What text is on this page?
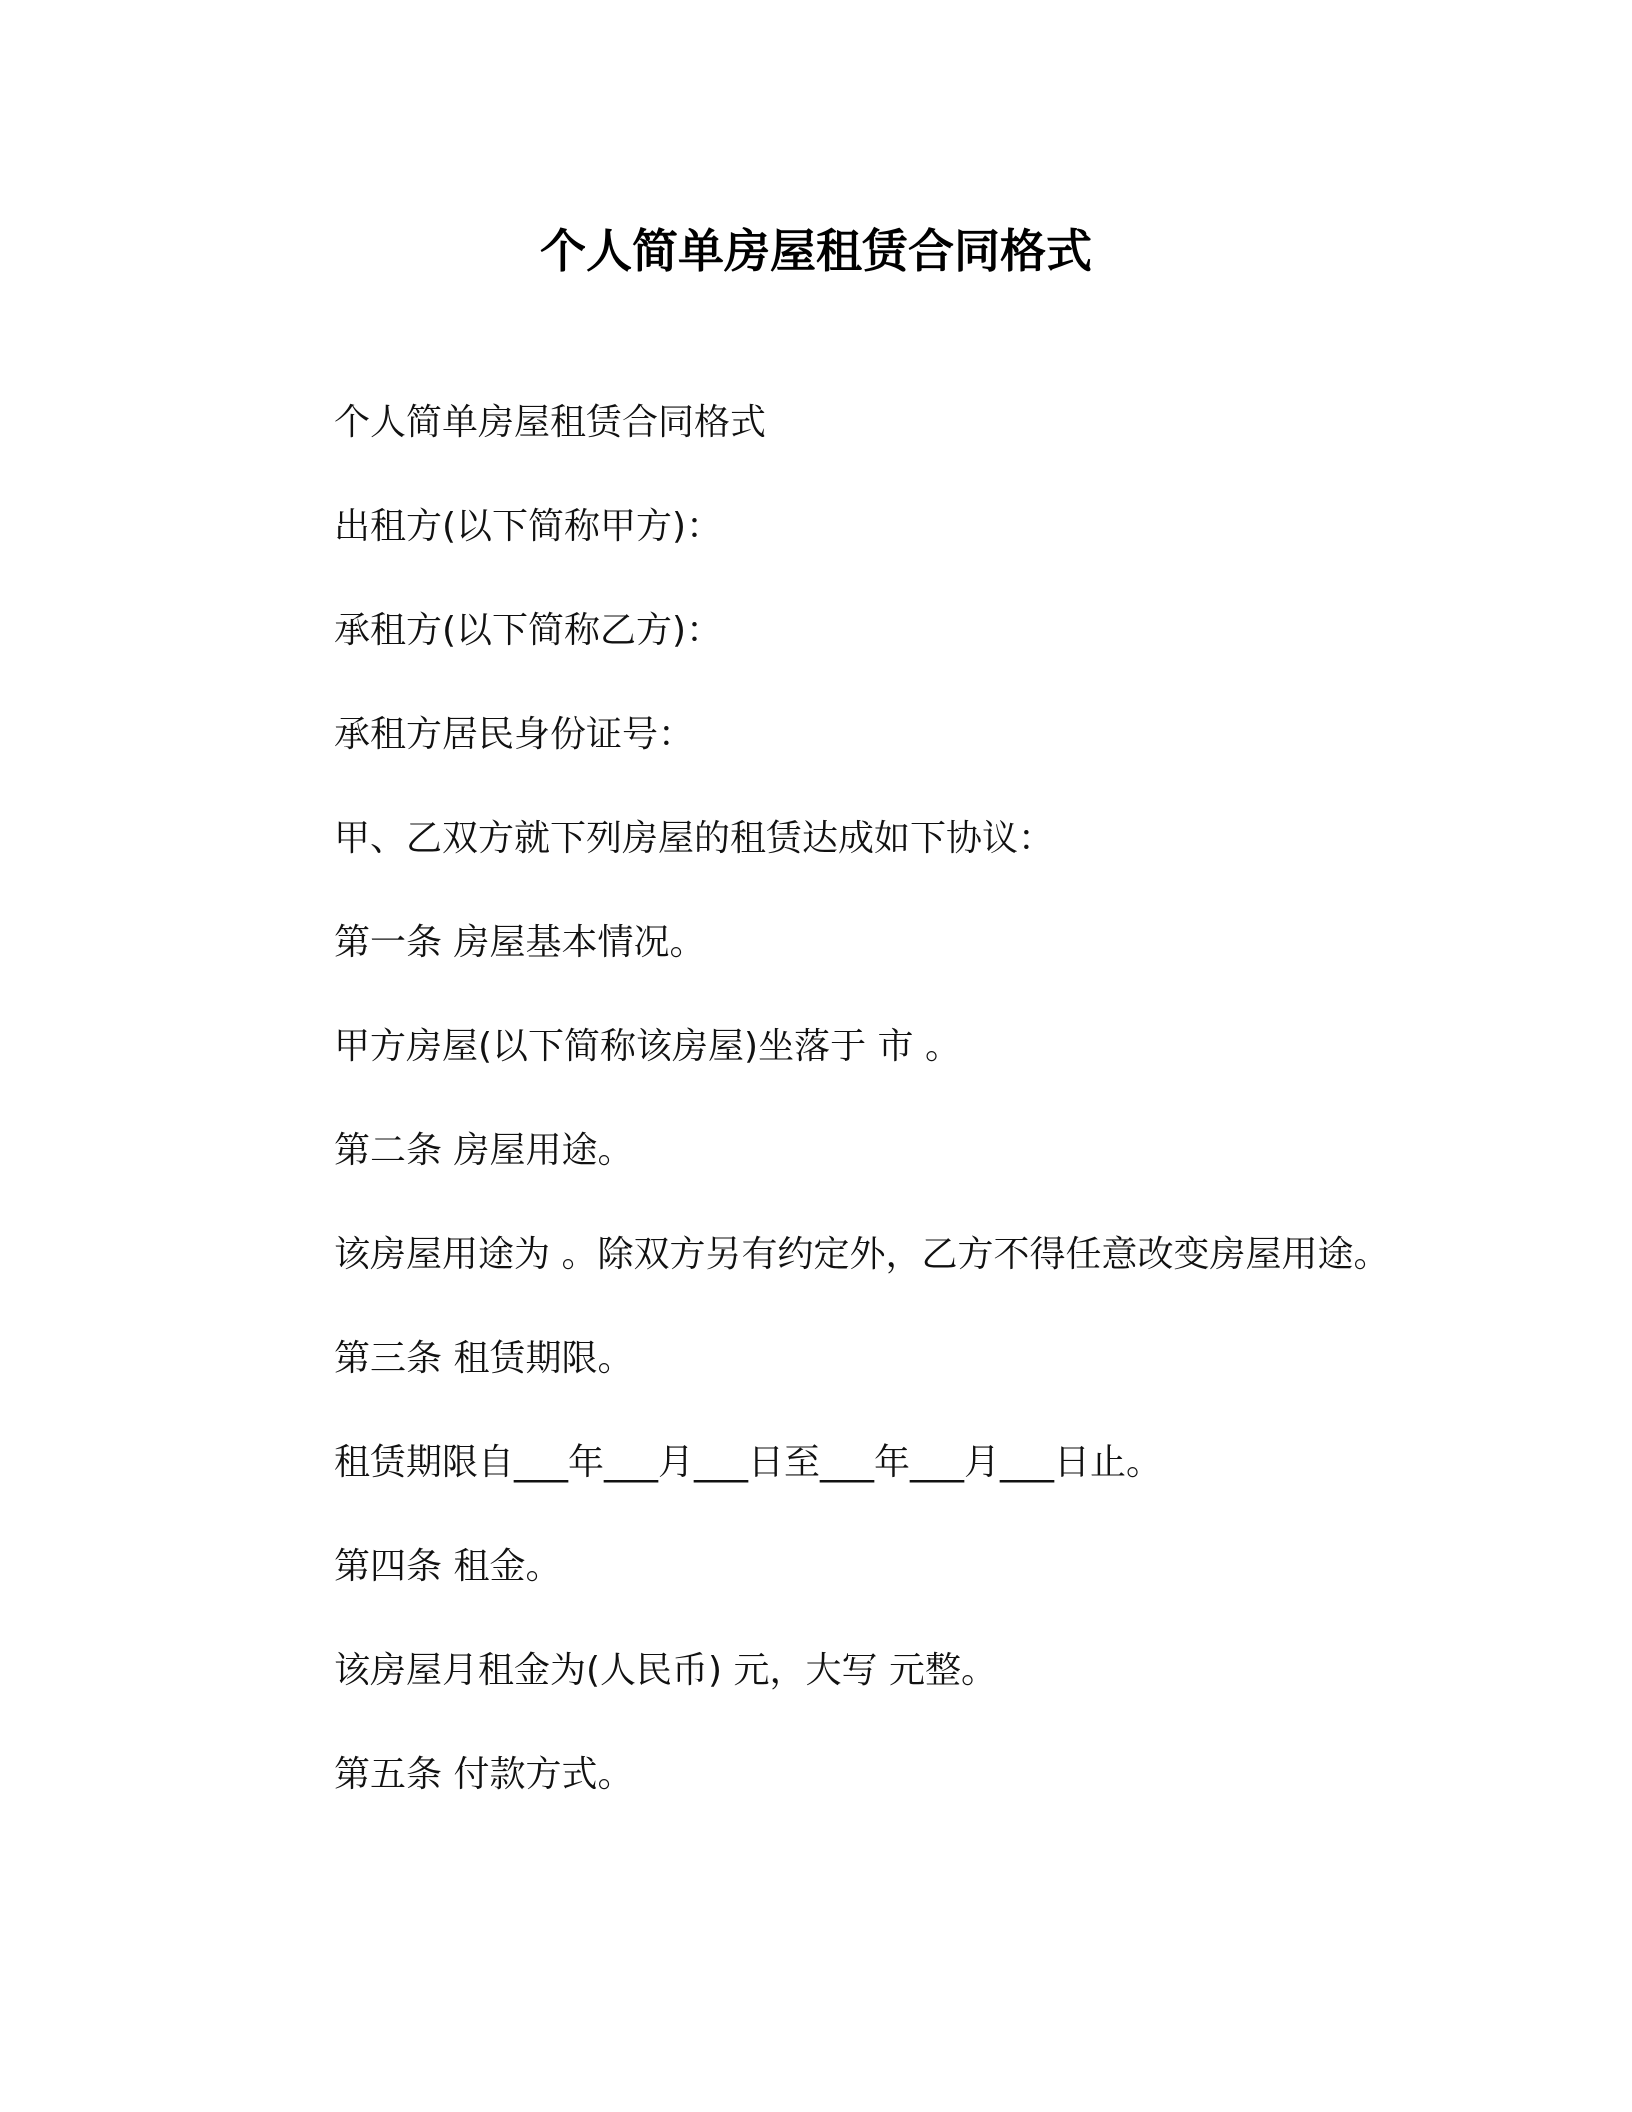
个人简单房屋租赁合同格式
个人简单房屋租赁合同格式
出租方(以下简称甲方)：
承租方(以下简称乙方)：
承租方居民身份证号：
甲、乙双方就下列房屋的租赁达成如下协议：
第一条 房屋基本情况。
甲方房屋(以下简称该房屋)坐落于 市 。
第二条 房屋用途。
该房屋用途为 。除双方另有约定外，乙方不得任意改变房屋用途。
第三条 租赁期限。
租赁期限自___年___月___日至___年___月___日止。
第四条 租金。
该房屋月租金为(人民币) 元，大写 元整。
第五条 付款方式。
